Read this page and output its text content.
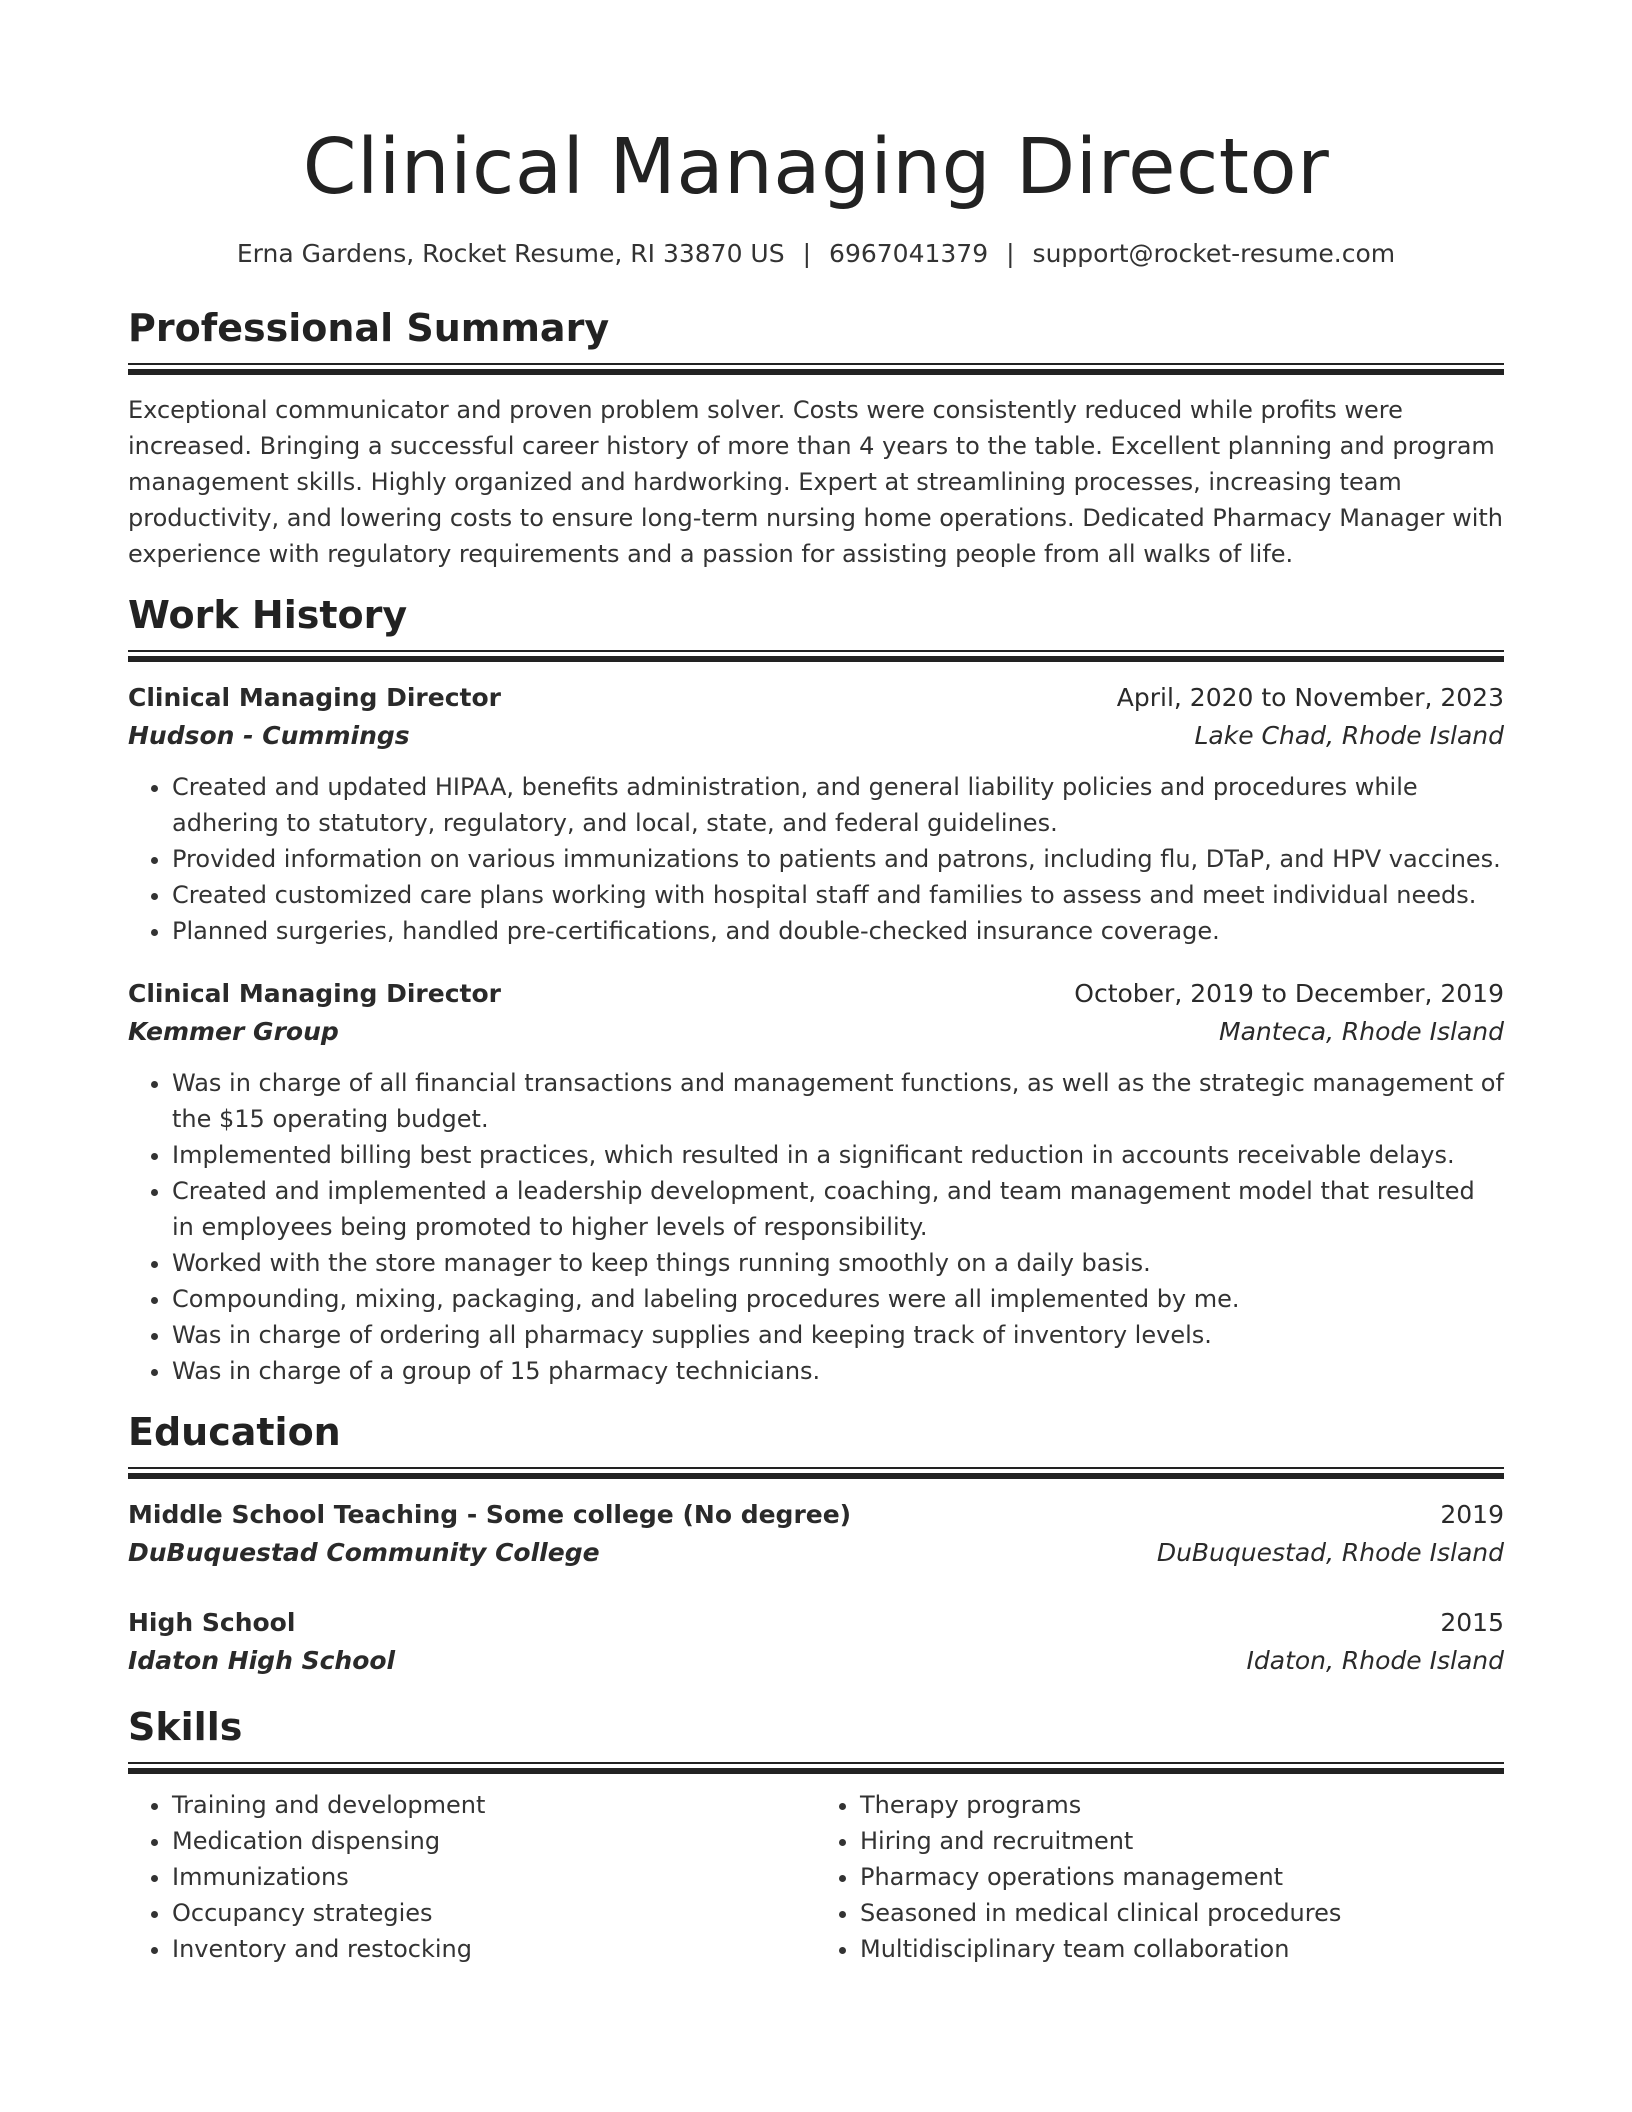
Clinical Managing Director
Erna Gardens, Rocket Resume, RI 33870 US | 6967041379 | support@rocket-resume.com
Professional Summary
Exceptional communicator and proven problem solver. Costs were consistently reduced while profits were increased. Bringing a successful career history of more than 4 years to the table. Excellent planning and program management skills. Highly organized and hardworking. Expert at streamlining processes, increasing team productivity, and lowering costs to ensure long-term nursing home operations. Dedicated Pharmacy Manager with experience with regulatory requirements and a passion for assisting people from all walks of life.
Work History
Clinical Managing Director	April, 2020 to November, 2023
Hudson - Cummings	Lake Chad, Rhode Island
• Created and updated HIPAA, benefits administration, and general liability policies and procedures while adhering to statutory, regulatory, and local, state, and federal guidelines.
• Provided information on various immunizations to patients and patrons, including flu, DTaP, and HPV vaccines.
• Created customized care plans working with hospital staff and families to assess and meet individual needs.
• Planned surgeries, handled pre-certifications, and double-checked insurance coverage.
Clinical Managing Director	October, 2019 to December, 2019
Kemmer Group	Manteca, Rhode Island
• Was in charge of all financial transactions and management functions, as well as the strategic management of the $15 operating budget.
• Implemented billing best practices, which resulted in a significant reduction in accounts receivable delays.
• Created and implemented a leadership development, coaching, and team management model that resulted in employees being promoted to higher levels of responsibility.
• Worked with the store manager to keep things running smoothly on a daily basis.
• Compounding, mixing, packaging, and labeling procedures were all implemented by me.
• Was in charge of ordering all pharmacy supplies and keeping track of inventory levels.
• Was in charge of a group of 15 pharmacy technicians.
Education
Middle School Teaching - Some college (No degree)	2019
DuBuquestad Community College	DuBuquestad, Rhode Island
High School	2015
Idaton High School	Idaton, Rhode Island
Skills
• Training and development
• Medication dispensing
• Immunizations
• Occupancy strategies
• Inventory and restocking
• Therapy programs
• Hiring and recruitment
• Pharmacy operations management
• Seasoned in medical clinical procedures
• Multidisciplinary team collaboration
